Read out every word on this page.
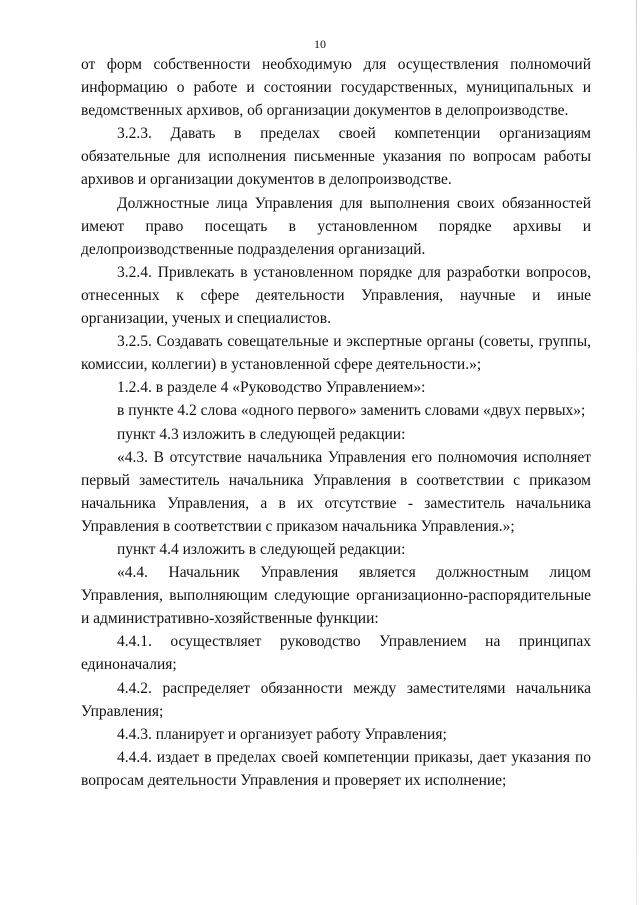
10

от форм собственности необходимую для осуществления полномочий информацию о работе и состоянии государственных, муниципальных и ведомственных архивов, об организации документов в делопроизводстве.

3.2.3. Давать в пределах своей компетенции организациям обязательные для исполнения письменные указания по вопросам работы архивов и организации документов в делопроизводстве.

Должностные лица Управления для выполнения своих обязанностей имеют право посещать в установленном порядке архивы и делопроизводственные подразделения организаций.

3.2.4. Привлекать в установленном порядке для разработки вопросов, отнесенных к сфере деятельности Управления, научные и иные организации, ученых и специалистов.

3.2.5. Создавать совещательные и экспертные органы (советы, группы, комиссии, коллегии) в установленной сфере деятельности.»;

1.2.4. в разделе 4 «Руководство Управлением»:

в пункте 4.2 слова «одного первого» заменить словами «двух первых»;

пункт 4.3 изложить в следующей редакции:

«4.3. В отсутствие начальника Управления его полномочия исполняет первый заместитель начальника Управления в соответствии с приказом начальника Управления, а в их отсутствие - заместитель начальника Управления в соответствии с приказом начальника Управления.»;

пункт 4.4 изложить в следующей редакции:

«4.4. Начальник Управления является должностным лицом Управления, выполняющим следующие организационно-распорядительные и административно-хозяйственные функции:

4.4.1. осуществляет руководство Управлением на принципах единоначалия;

4.4.2. распределяет обязанности между заместителями начальника Управления;

4.4.3. планирует и организует работу Управления;

4.4.4. издает в пределах своей компетенции приказы, дает указания по вопросам деятельности Управления и проверяет их исполнение;
